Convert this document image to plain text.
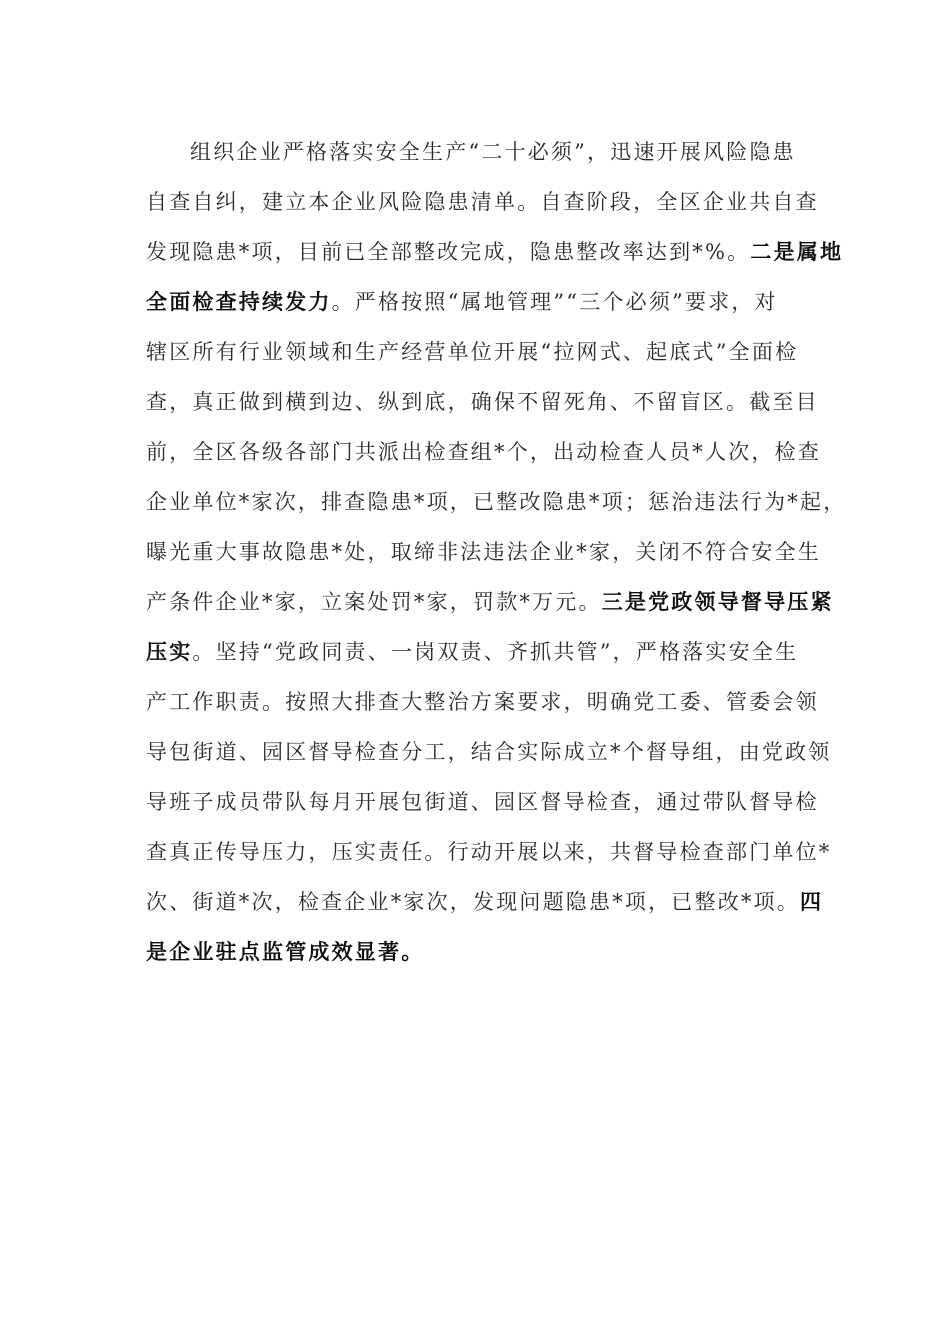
组织企业严格落实安全生产“二十必须”，迅速开展风险隐患
自查自纠，建立本企业风险隐患清单。自查阶段，全区企业共自查
发现隐患*项，目前已全部整改完成，隐患整改率达到*%。二是属地
全面检查持续发力。严格按照“属地管理”“三个必须”要求，对
辖区所有行业领域和生产经营单位开展“拉网式、起底式”全面检
查，真正做到横到边、纵到底，确保不留死角、不留盲区。截至目
前，全区各级各部门共派出检查组*个，出动检查人员*人次，检查
企业单位*家次，排查隐患*项，已整改隐患*项；惩治违法行为*起，
曝光重大事故隐患*处，取缔非法违法企业*家，关闭不符合安全生
产条件企业*家，立案处罚*家，罚款*万元。三是党政领导督导压紧
压实。坚持“党政同责、一岗双责、齐抓共管”，严格落实安全生
产工作职责。按照大排查大整治方案要求，明确党工委、管委会领
导包街道、园区督导检查分工，结合实际成立*个督导组，由党政领
导班子成员带队每月开展包街道、园区督导检查，通过带队督导检
查真正传导压力，压实责任。行动开展以来，共督导检查部门单位*
次、街道*次，检查企业*家次，发现问题隐患*项，已整改*项。四
是企业驻点监管成效显著。
